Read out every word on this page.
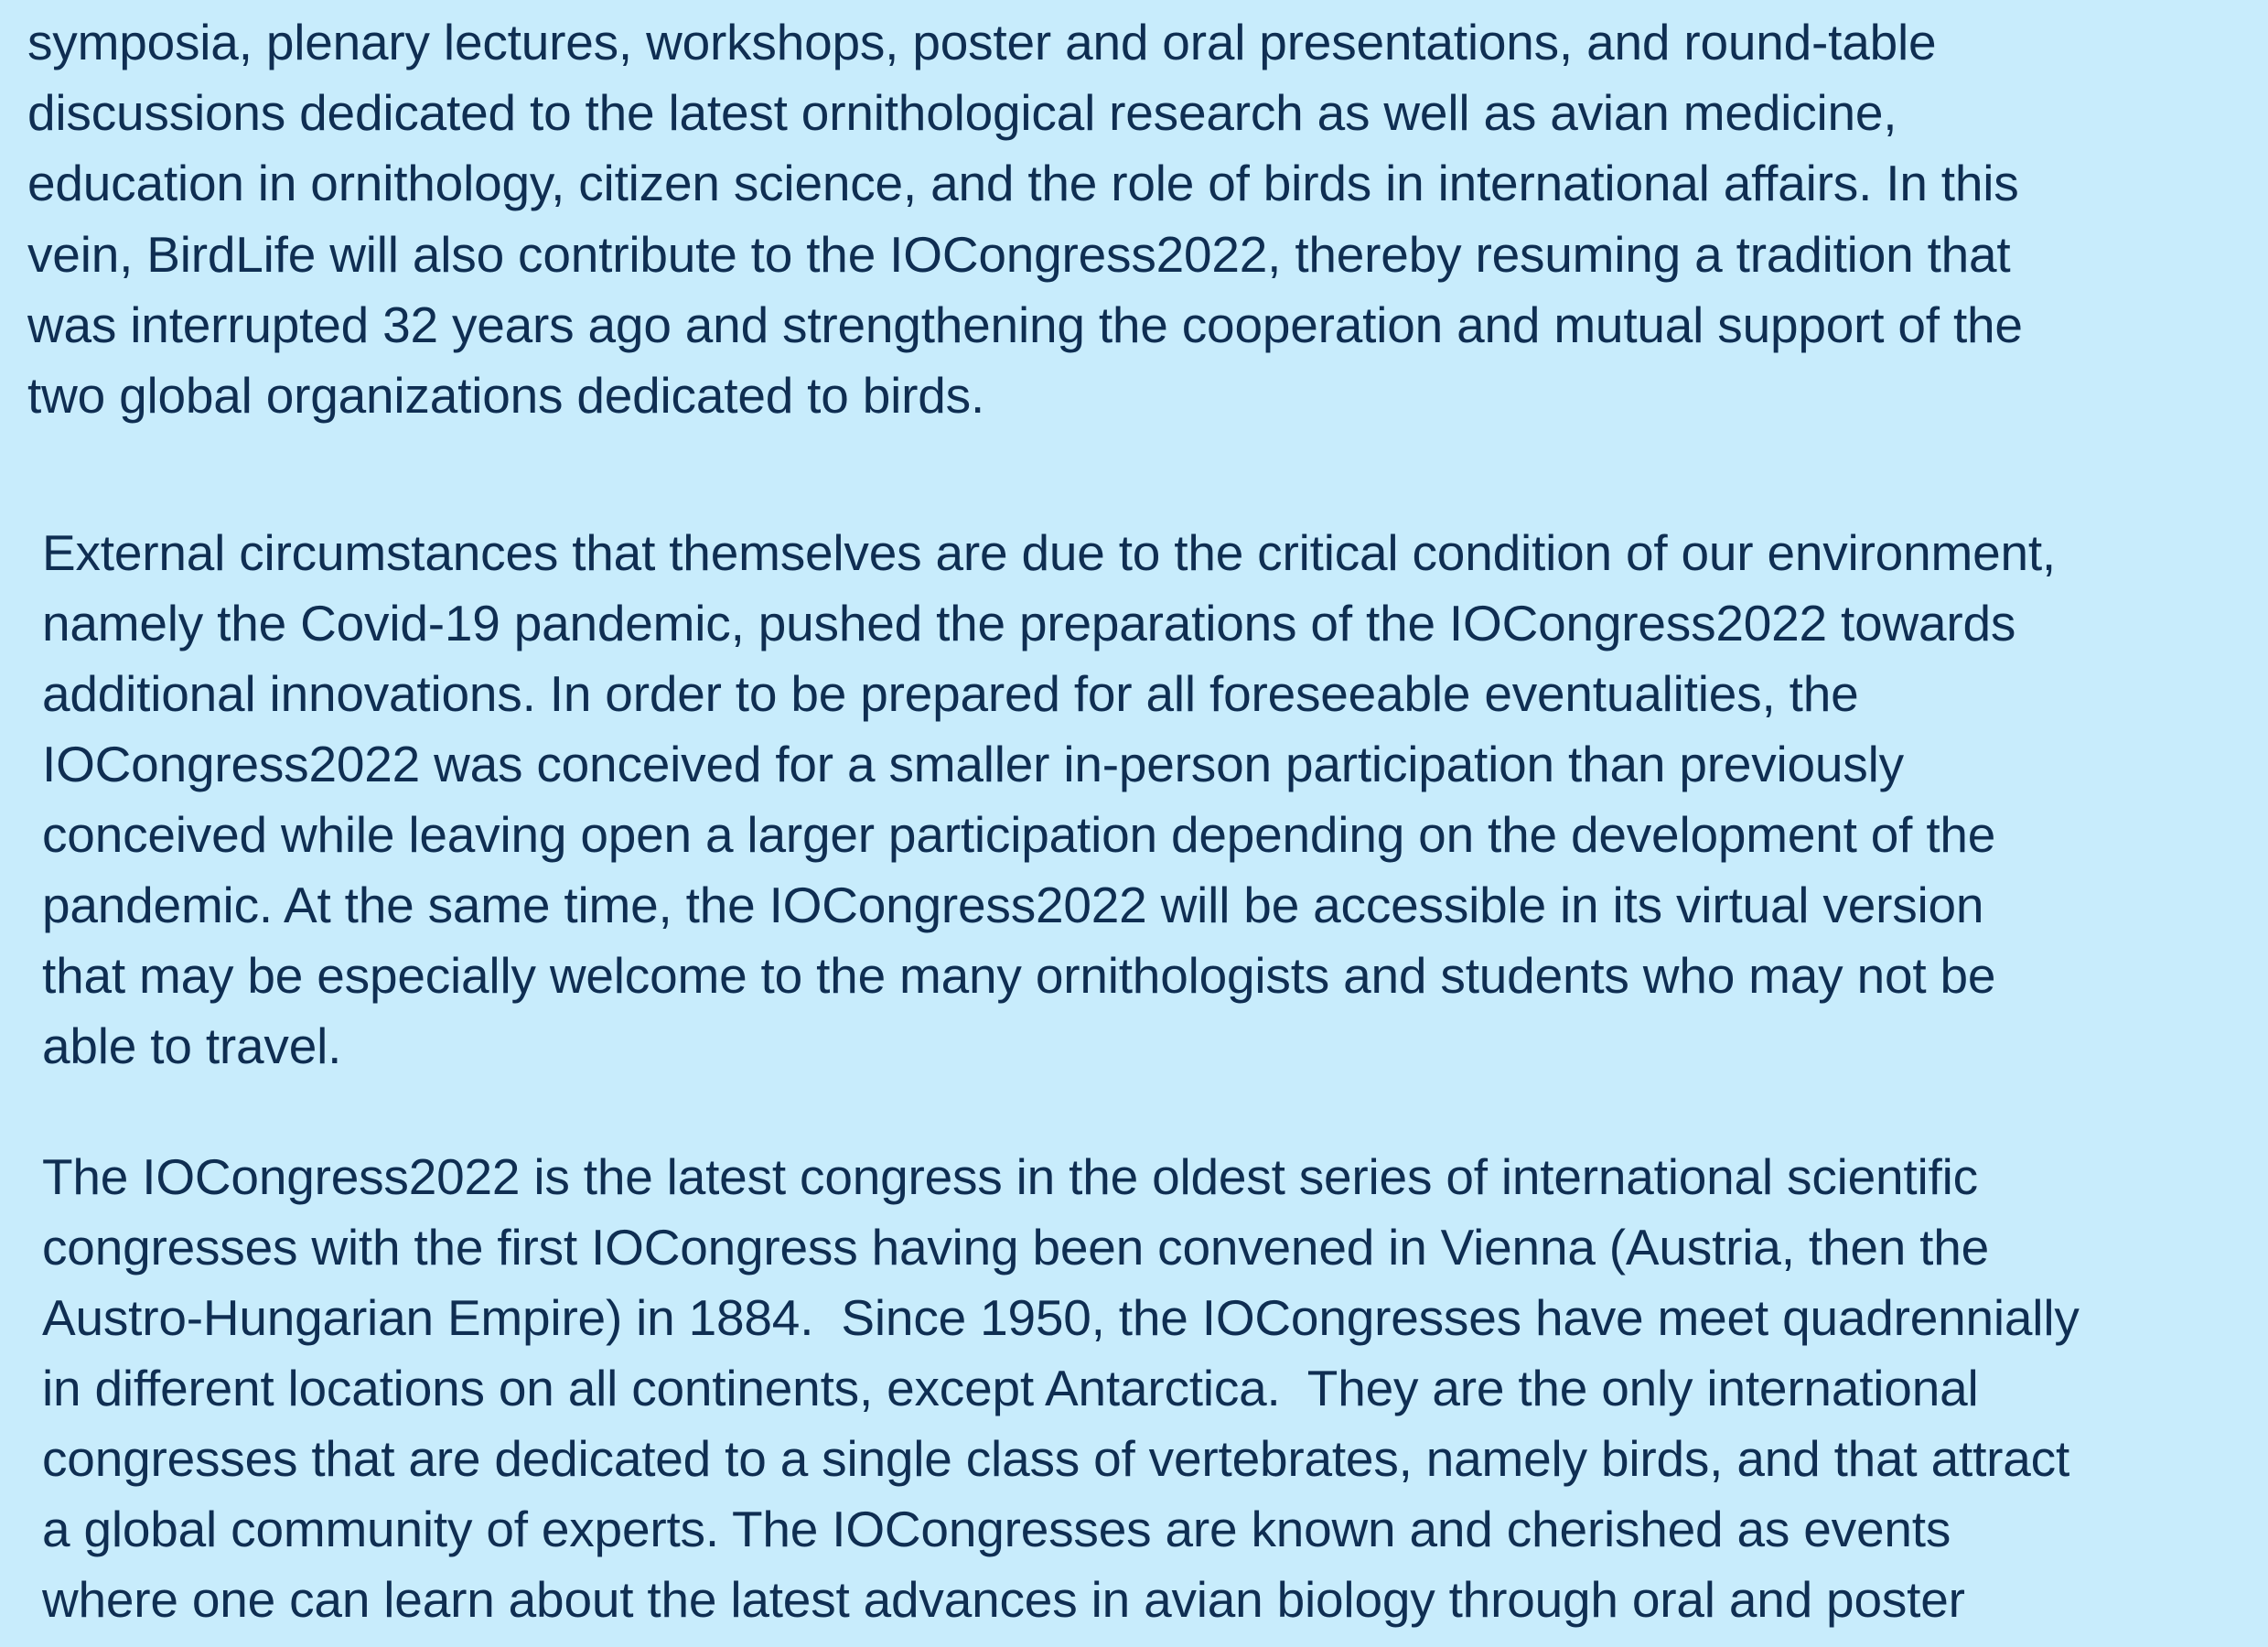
symposia, plenary lectures, workshops, poster and oral presentations, and round-table
discussions dedicated to the latest ornithological research as well as avian medicine,
education in ornithology, citizen science, and the role of birds in international affairs. In this
vein, BirdLife will also contribute to the IOCongress2022, thereby resuming a tradition that
was interrupted 32 years ago and strengthening the cooperation and mutual support of the
two global organizations dedicated to birds.
External circumstances that themselves are due to the critical condition of our environment,
namely the Covid-19 pandemic, pushed the preparations of the IOCongress2022 towards
additional innovations. In order to be prepared for all foreseeable eventualities, the
IOCongress2022 was conceived for a smaller in-person participation than previously
conceived while leaving open a larger participation depending on the development of the
pandemic. At the same time, the IOCongress2022 will be accessible in its virtual version
that may be especially welcome to the many ornithologists and students who may not be
able to travel.
The IOCongress2022 is the latest congress in the oldest series of international scientific
congresses with the first IOCongress having been convened in Vienna (Austria, then the
Austro-Hungarian Empire) in 1884.  Since 1950, the IOCongresses have meet quadrennially
in different locations on all continents, except Antarctica.  They are the only international
congresses that are dedicated to a single class of vertebrates, namely birds, and that attract
a global community of experts. The IOCongresses are known and cherished as events
where one can learn about the latest advances in avian biology through oral and poster
